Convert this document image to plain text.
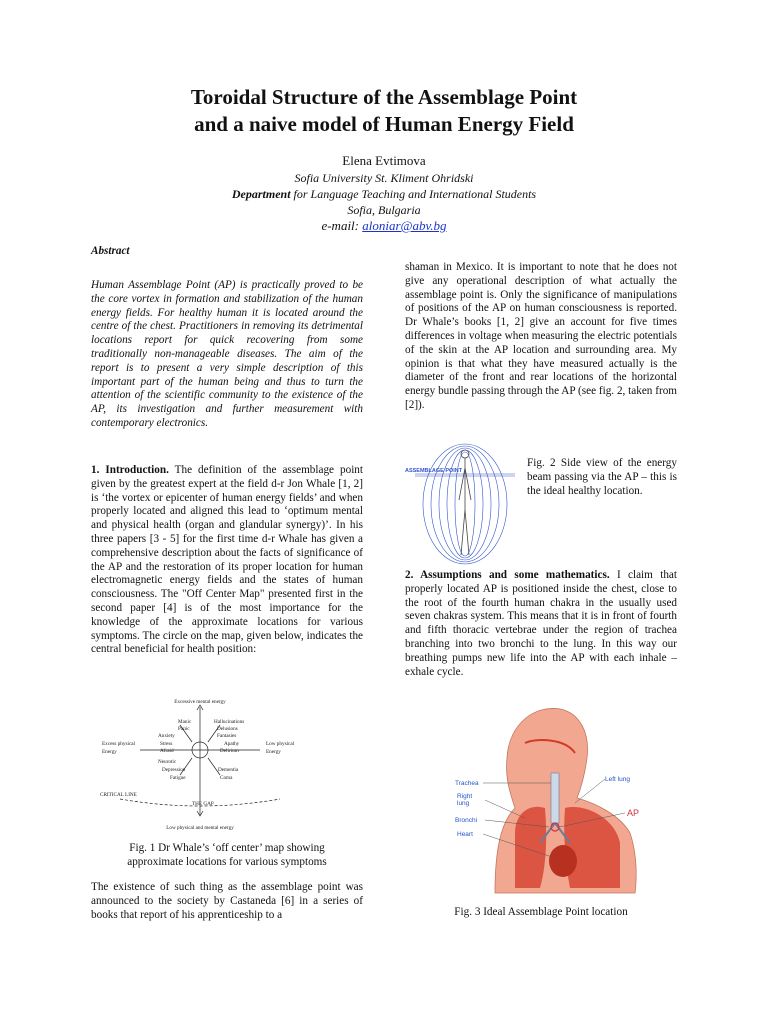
Toroidal Structure of the Assemblage Point
and a naive model of Human Energy Field
Elena Evtimova
Sofia University St. Kliment Ohridski
Department for Language Teaching and International Students
Sofia, Bulgaria
e-mail: aloniar@abv.bg
Abstract
Human Assemblage Point (AP) is practically proved to be the core vortex in formation and stabilization of the human energy fields. For healthy human it is located around the centre of the chest. Practitioners in removing its detrimental locations report for quick recovering from some traditionally non-manageable diseases. The aim of the report is to present a very simple description of this important part of the human being and thus to turn the attention of the scientific community to the existence of the AP, its investigation and further measurement with contemporary electronics.
1. Introduction. The definition of the assemblage point given by the greatest expert at the field d-r Jon Whale [1, 2] is ‘the vortex or epicenter of human energy fields’ and when properly located and aligned this lead to ‘optimum mental and physical health (organ and glandular synergy)’. In his three papers [3 - 5] for the first time d-r Whale has given a comprehensive description about the facts of significance of the AP and the restoration of its proper location for human electromagnetic energy fields and the states of human consciousness. The "Off Center Map" presented first in the second paper [4] is of the most importance for the knowledge of the approximate locations for various symptoms. The circle on the map, given below, indicates the central beneficial for health position:
Excessive mental energy
Manic
Panic
Anxiety
Stress
Afraid
Hallucinations
Delusions
Fantasies
Apathy
Delirium
Excess physical
Energy
Low physical
Energy
Neurotic
Depression
Fatigue
Dementia
Coma
CRITICAL LINE
THE GAP
Low physical and mental energy
Fig. 1 Dr Whale’s ‘off center’ map showing
approximate locations for various symptoms
The existence of such thing as the assemblage point was announced to the society by Castaneda [6] in a series of books that report of his apprenticeship to a
shaman in Mexico. It is important to note that he does not give any operational description of what actually the assemblage point is. Only the significance of manipulations of positions of the AP on human consciousness is reported. Dr Whale’s books [1, 2] give an account for five times differences in voltage when measuring the electric potentials of the skin at the AP location and surrounding area. My opinion is that what they have measured actually is the diameter of the front and rear locations of the horizontal energy bundle passing through the AP (see fig. 2, taken from [2]).
ASSEMBLAGE POINT
Fig. 2 Side view of the energy beam passing via the AP – this is the ideal healthy location.
2. Assumptions and some mathematics. I claim that properly located AP is positioned inside the chest, close to the root of the fourth human chakra in the usually used seven chakras system. This means that it is in front of fourth and fifth thoracic vertebrae under the region of trachea branching into two bronchi to the lung. In this way our breathing pumps new life into the AP with each inhale – exhale cycle.
Trachea
Left lung
Right
lung
Bronchi
Heart
AP
Fig. 3 Ideal Assemblage Point location
